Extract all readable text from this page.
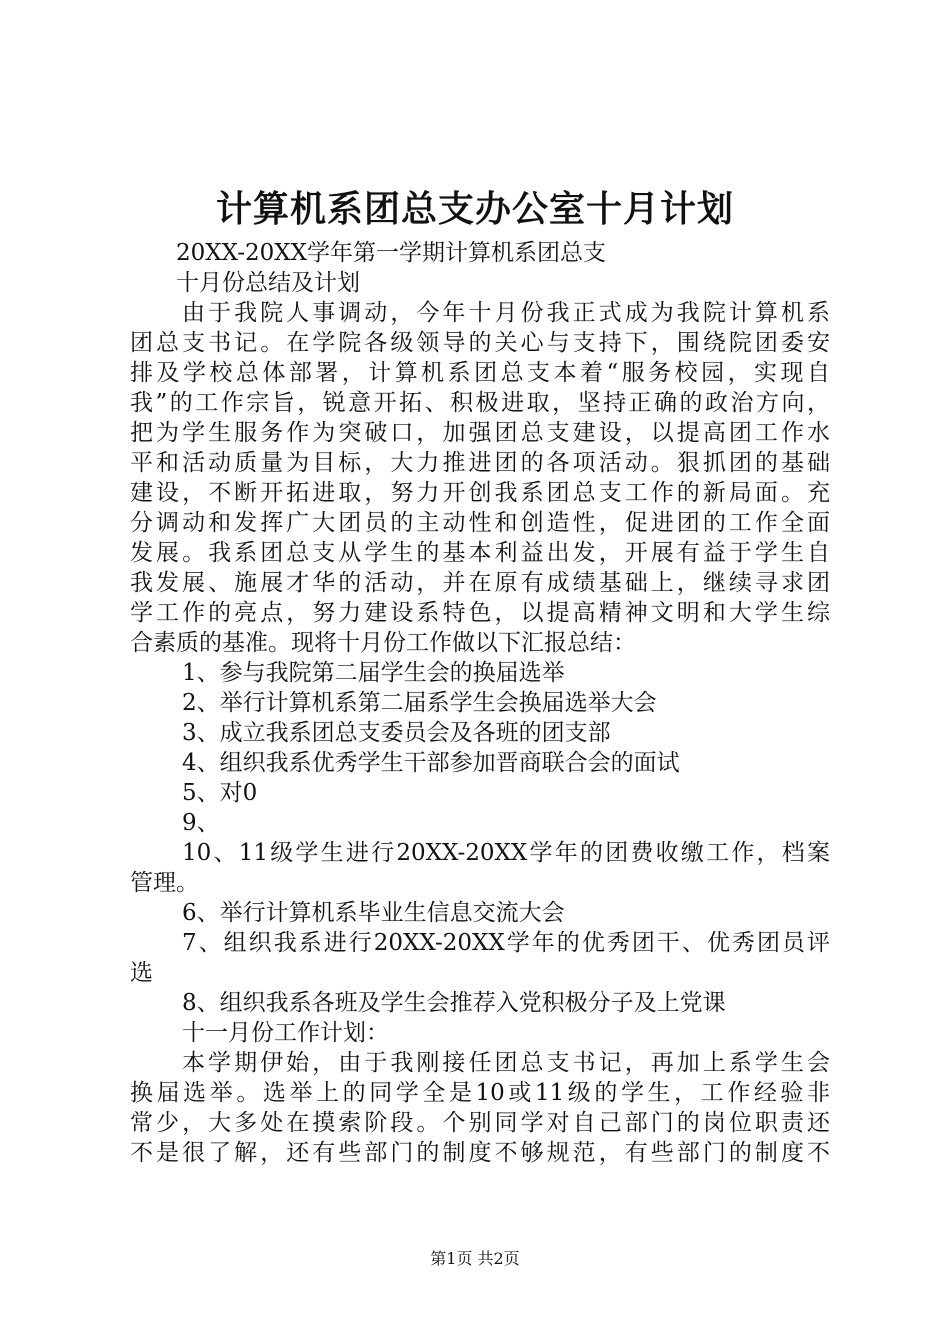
计算机系团总支办公室十月计划
20XX-20XX学年第一学期计算机系团总支
十月份总结及计划
由于我院人事调动，今年十月份我正式成为我院计算机系
团总支书记。在学院各级领导的关心与支持下，围绕院团委安
排及学校总体部署，计算机系团总支本着“服务校园，实现自
我”的工作宗旨，锐意开拓、积极进取，坚持正确的政治方向，
把为学生服务作为突破口，加强团总支建设，以提高团工作水
平和活动质量为目标，大力推进团的各项活动。狠抓团的基础
建设，不断开拓进取，努力开创我系团总支工作的新局面。充
分调动和发挥广大团员的主动性和创造性，促进团的工作全面
发展。我系团总支从学生的基本利益出发，开展有益于学生自
我发展、施展才华的活动，并在原有成绩基础上，继续寻求团
学工作的亮点，努力建设系特色，以提高精神文明和大学生综
合素质的基准。现将十月份工作做以下汇报总结：
1、参与我院第二届学生会的换届选举
2、举行计算机系第二届系学生会换届选举大会
3、成立我系团总支委员会及各班的团支部
4、组织我系优秀学生干部参加晋商联合会的面试
5、对0
9、
10、11级学生进行20XX-20XX学年的团费收缴工作，档案
管理。
6、举行计算机系毕业生信息交流大会
7、组织我系进行20XX-20XX学年的优秀团干、优秀团员评
选
8、组织我系各班及学生会推荐入党积极分子及上党课
十一月份工作计划：
本学期伊始，由于我刚接任团总支书记，再加上系学生会
换届选举。选举上的同学全是10或11级的学生，工作经验非
常少，大多处在摸索阶段。个别同学对自己部门的岗位职责还
不是很了解，还有些部门的制度不够规范，有些部门的制度不
第1页 共2页
